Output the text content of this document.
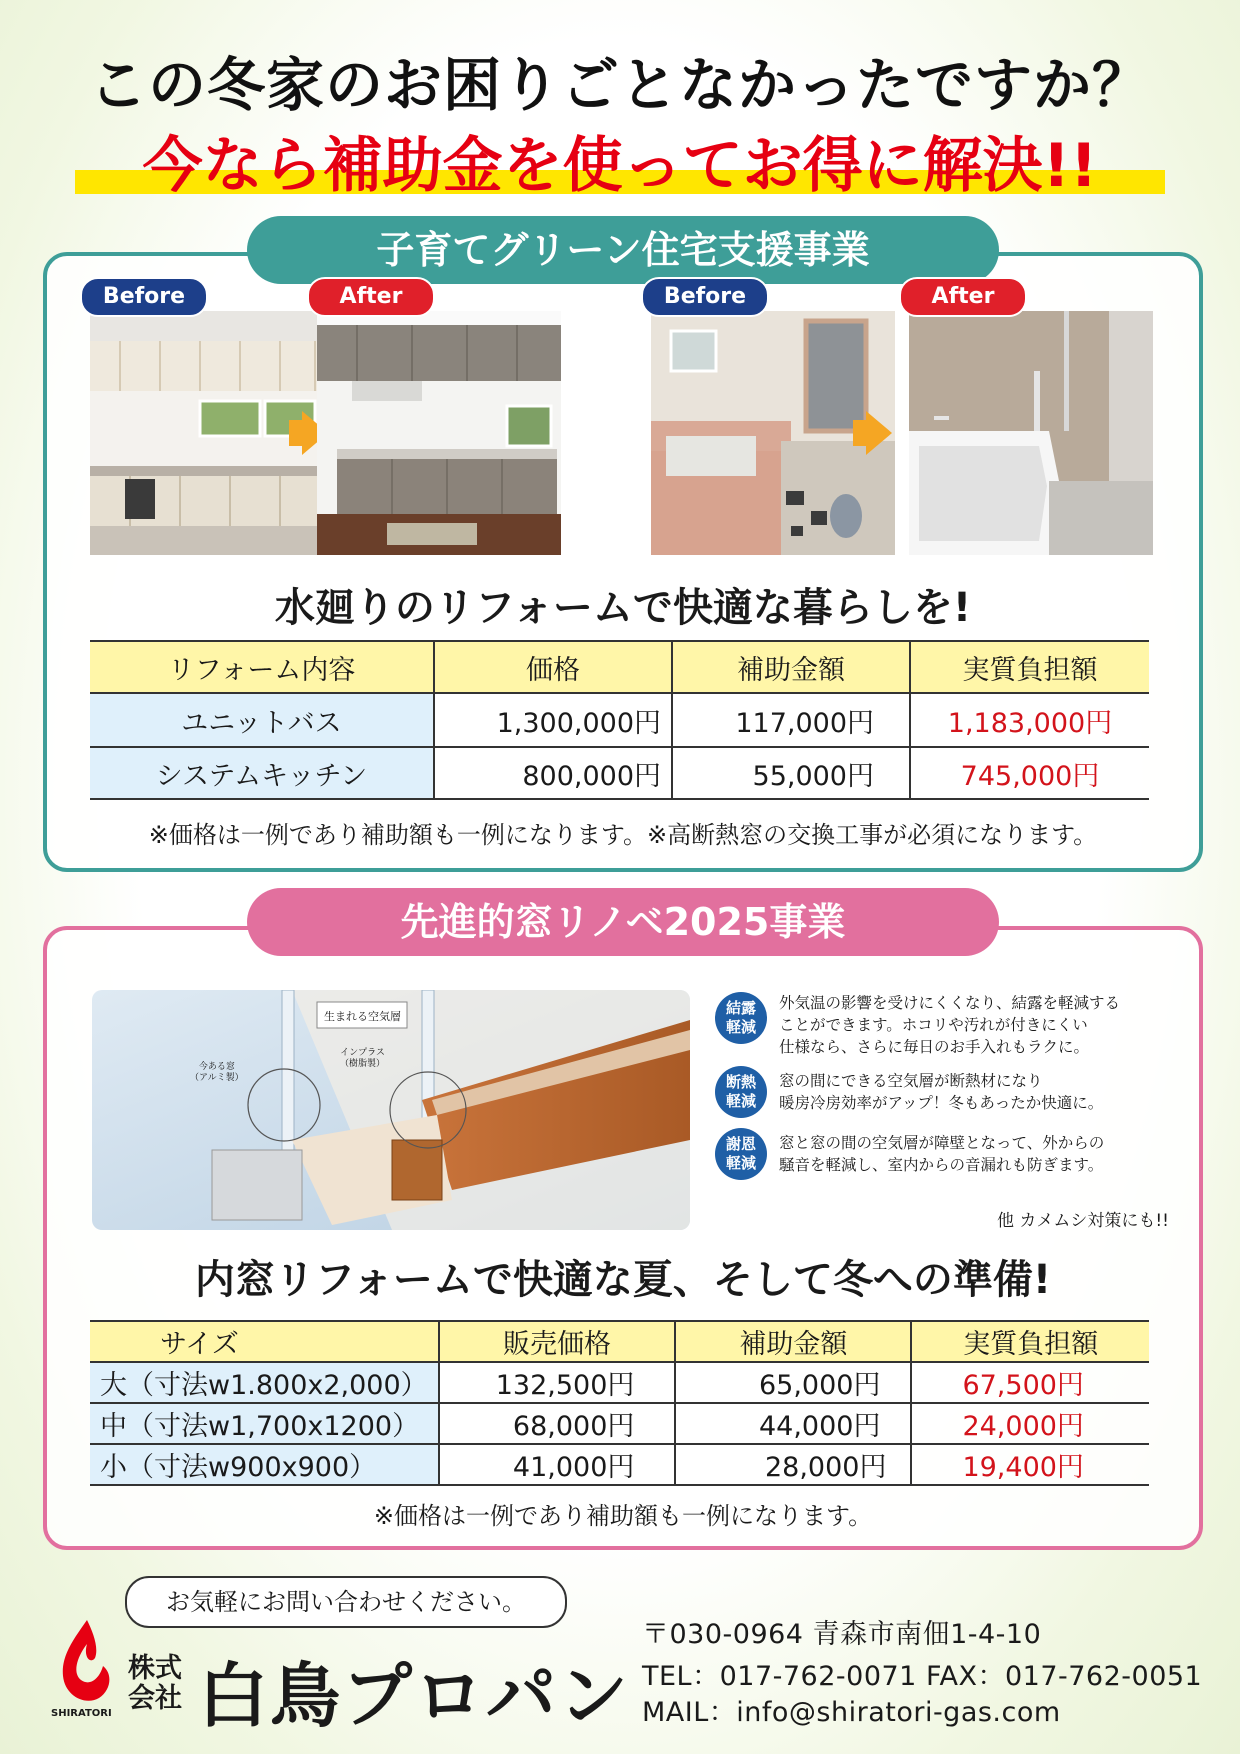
この冬家のお困りごとなかったですか？
今なら補助金を使ってお得に解決!!
子育てグリーン住宅支援事業
Before	After	Before	After
水廻りのリフォームで快適な暮らしを!
リフォーム内容	価格	補助金額	実質負担額
ユニットバス	1,300,000円	117,000円	1,183,000円
システムキッチン	800,000円	55,000円	745,000円
※価格は一例であり補助額も一例になります。※高断熱窓の交換工事が必須になります。
先進的窓リノベ2025事業
生まれる空気層
今ある窓
（アルミ製）
インプラス
（樹脂製）
結露
軽減
外気温の影響を受けにくくなり、結露を軽減する
ことができます。ホコリや汚れが付きにくい
仕様なら、さらに毎日のお手入れもラクに。
断熱
軽減
窓の間にできる空気層が断熱材になり
暖房冷房効率がアップ！冬もあったか快適に。
謝恩
軽減
窓と窓の間の空気層が障壁となって、外からの
騒音を軽減し、室内からの音漏れも防ぎます。
他 カメムシ対策にも!!
内窓リフォームで快適な夏、そして冬への準備!
サイズ	販売価格	補助金額	実質負担額
大（寸法w1.800x2,000）	132,500円	65,000円	67,500円
中（寸法w1,700x1200）	68,000円	44,000円	24,000円
小（寸法w900x900）	41,000円	28,000円	19,400円
※価格は一例であり補助額も一例になります。
お気軽にお問い合わせください。
SHIRATORI
株式
会社 白鳥プロパン
〒030-0964 青森市南佃1-4-10
TEL：017-762-0071 FAX：017-762-0051
MAIL：info@shiratori-gas.com
